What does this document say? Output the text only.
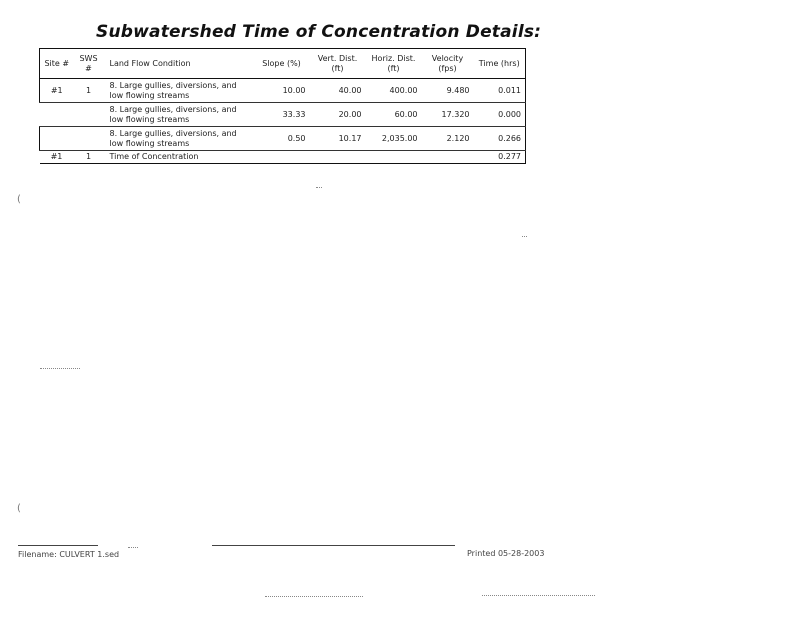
Subwatershed Time of Concentration Details:
Site #	SWS #	Land Flow Condition	Slope (%)	Vert. Dist. (ft)	Horiz. Dist. (ft)	Velocity (fps)	Time (hrs)
#1	1	8. Large gullies, diversions, and low flowing streams	10.00	40.00	400.00	9.480	0.011
		8. Large gullies, diversions, and low flowing streams	33.33	20.00	60.00	17.320	0.000
		8. Large gullies, diversions, and low flowing streams	0.50	10.17	2,035.00	2.120	0.266
#1	1	Time of Concentration					0.277
(
(
Filename: CULVERT 1.sed	Printed 05-28-2003
